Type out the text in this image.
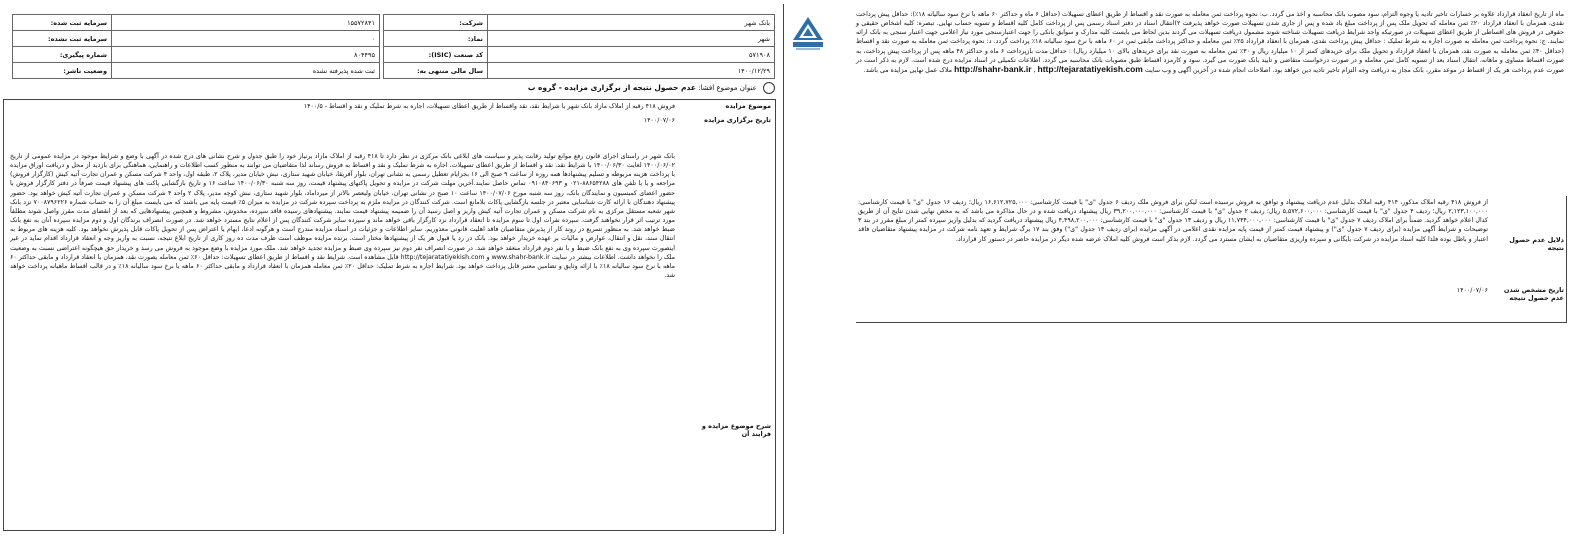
شرکت:	بانک شهر
نماد:	شهر
کد صنعت (ISIC):	۵۷۱۹۰۸
سال مالی منتهی به:	۱۴۰۰/۱۲/۲۹
سرمایه ثبت شده:	۱۵۵۷۲۸۴۱
سرمایه ثبت نشده:	۰
شماره پیگیری:	۸۰۴۴۹۵
وضعیت ناشر:	ثبت شده پذیرفته نشده
عنوان موضوع افشا: عدم حصول نتیجه از برگزاری مزایده - گروه ب
موضوع مزایده
فروش ۴۱۸ رقبه از املاک مازاد بانک شهر با شرایط نقد، نقد واقساط از طریق اعطای تسهیلات، اجاره به شرط تملیک و نقد و اقساط - ۱۴۰۰/۵
تاریخ برگزاری مزایده
۱۴۰۰/۰۷/۰۶
شرح موضوع مزایده و فرایند آن
بانک شهر در راستای اجرای قانون رفع موانع تولید رقابت پذیر و سیاست های ابلاغی بانک مرکزی در نظر دارد تا ۴۱۸ رقبه از املاک مازاد برنیاز خود را طبق جدول و شرح نشانی های درج شده در آگهی با وضع و شرایط موجود در مزایده عمومی از تاریخ ۱۴۰۰/۰۶/۰۲ لغایت ۱۴۰۰/۰۶/۳۰ با شرایط نقد، نقد و اقساط از طریق اعطای تسهیلات، اجاره به شرط تملیک و نقد و اقساط به فروش رساند لذا متقاضیان می توانند به منظور کسب اطلاعات و راهنمایی، هماهنگی برای بازدید از محل و دریافت اوراق مزایده با پرداخت هزینه مربوطه و تسلیم پیشنهادها همه روزه از ساعت ۹ صبح الی ۱۶ بجزایام تعطیل رسمی به نشانی تهران، بلوار آفریقا، خیابان شهید ستاری، نبش خیابان مدیر، پلاک ۲، طبقه اول، واحد ۴ شرکت مسکن و عمران تجارت آتیه کیش (کارگزار فروش) مراجعه و یا با تلفن های ۸۸۶۵۴۲۸۸-۰۲۱ و ۰۹۱۰۸۴۰۶۹۳ تماس حاصل نمایند.آخرین مهلت شرکت در مزایده و تحویل پاکتهای پیشنهاد قیمت، روز سه شنبه ۱۴۰۰/۰۶/۳۰ ساعت ۱۶ و تاریخ بازگشایی پاکت های پیشنهاد قیمت صرفاً در دفتر کارگزار فروش با حضور اعضای کمیسیون و نمایندگان بانک، روز سه شنبه مورخ ۱۴۰۰/۰۷/۰۶ ساعت ۱۰ صبح در نشانی تهران، خیابان ولیعصر بالاتر از میرداماد، بلوار شهید ستاری، نبش کوچه مدیر، پلاک ۲ واحد ۴ شرکت مسکن و عمران تجارت آتیه کیش خواهد بود. حضور پیشنهاد دهندگان با ارائه کارت شناسایی معتبر در جلسه بازگشایی پاکات بلامانع است. شرکت کنندگان در مزایده ملزم به پرداخت سپرده شرکت در مزایده به میزان ۵٪ قیمت پایه می باشند که می بایست مبلغ آن را به حساب شماره ۷۰۰۸۷۹۶۲۲۶ نزد بانک شهر شعبه مستقل مرکزی به نام شرکت مسکن و عمران تجارت آتیه کیش واریز و اصل رسید آن را ضمیمه پیشنهاد قیمت نمایند. پیشنهادهای رسیده فاقد سپرده، مخدوش، مشروط و همچنین پیشنهادهایی که بعد از انقضای مدت مقرر واصل شوند مطلقاً مورد ترتیب اثر قرار نخواهند گرفت. سپرده نفرات اول تا سوم مزایده تا انعقاد قرارداد نزد کارگزار باقی خواهد ماند و سپرده سایر شرکت کنندگان پس از اعلام نتایج مسترد خواهد شد. در صورت انصراف برندگان اول و دوم مزایده سپرده آنان به نفع بانک ضبط خواهد شد. به منظور تسریع در روند کار از پذیرش متقاضیان فاقد اهلیت قانونی معذوریم. سایر اطلاعات و جزئیات در اسناد مزایده مندرج است و هرگونه ادعا، ابهام یا اعتراض پس از تحویل پاکات قابل پذیرش نخواهد بود. کلیه هزینه های مربوط به انتقال سند، نقل و انتقال، عوارض و مالیات بر عهده خریدار خواهد بود. بانک در رد یا قبول هر یک از پیشنهادها مختار است. برنده مزایده موظف است ظرف مدت ده روز کاری از تاریخ ابلاغ نتیجه، نسبت به واریز وجه و انعقاد قرارداد اقدام نماید در غیر اینصورت سپرده وی به نفع بانک ضبط و با نفر دوم قرارداد منعقد خواهد شد. در صورت انصراف نفر دوم نیز سپرده وی ضبط و مزایده تجدید خواهد شد. ملک مورد مزایده با وضع موجود به فروش می رسد و خریدار حق هیچگونه اعتراضی نسبت به وضعیت ملک را نخواهد داشت. اطلاعات بیشتر در سایت www.shahr-bank.ir و http://tejaratatiyekish.com قابل مشاهده است. شرایط نقد و اقساط از طریق اعطای تسهیلات: حداقل ۶۰٪ ثمن معامله بصورت نقد، همزمان با انعقاد قرارداد و مابقی حداکثر ۶۰ ماهه با نرخ سود سالیانه ۱۸٪ با ارائه وثایق و تضامین معتبر قابل پرداخت خواهد بود. شرایط اجاره به شرط تملیک: حداقل ۲۰٪ ثمن معامله همزمان با انعقاد قرارداد و مابقی حداکثر ۶۰ ماهه با نرخ سود سالیانه ۱۸٪ و در قالب اقساط ماهیانه پرداخت خواهد شد.
ماه از تاریخ انعقاد قرارداد علاوه بر خسارات تاخیر تادیه یا وجوه التزام، سود مصوب بانک محاسبه و اخذ می گردد. ب: نحوه پرداخت ثمن معامله به صورت نقد و اقساط از طریق اعطای تسهیلات (حداقل ۶ ماه و حداکثر ۶۰ ماهه با نرخ سود سالیانه ۱۸٪): حداقل پیش پرداخت نقدی، همزمان با انعقاد قرارداد ۲۰٪ ثمن معامله که تحویل ملک پس از پرداخت مبلغ یاد شده و پس از جاری شدن تسهیلات صورت خواهد پذیرفت ۲)انتقال اسناد در دفتر اسناد رسمی پس از پرداخت کامل کلیه اقساط و تسویه حساب نهایی. تبصره: کلیه اشخاص حقیقی و حقوقی در فروش های اقساطی از طریق اعطای تسهیلات در صورتیکه واجد شرایط دریافت تسهیلات شناخته شوند مشمول دریافت تسهیلات می گردند بدین لحاظ می بایست کلیه مدارک و سوابق بانکی را جهت اعتبارسنجی مورد نیاز اعلامی جهت اعتبار سنجی به بانک ارائه نمایند. ج: نحوه پرداخت ثمن معامله به صورت اجاره به شرط تملیک : حداقل پیش پرداخت نقدی، همزمان با انعقاد قرارداد ۲۵٪ ثمن معامله و حداکثر پرداخت مابقی ثمن در ۶۰ ماهه با نرخ سود سالیانه ۱۸٪ پرداخت گردد. د: نحوه پرداخت ثمن معامله به صورت نقد و اقساط (حداقل ۴۰٪ ثمن معامله به صورت نقد، همزمان با انعقاد قرارداد و تحویل ملک برای خریدهای کمتر از ۱۰ میلیارد ریال و ۳۰٪ ثمن معامله به صورت نقد برای خریدهای بالای ۱۰ میلیارد ریال) : حداقل مدت بازپرداخت ۶ ماه و حداکثر ۴۸ ماهه پس از پرداخت پیش پرداخت، به صورت اقساط مساوی و ماهانه، انتقال اسناد بعد از تسویه کامل ثمن معامله و در صورت درخواست متقاضی و تایید بانک صورت می گیرد. سود و کارمزد اقساط طبق مصوبات بانک محاسبه می گردد. اطلاعات تکمیلی در اسناد مزایده درج شده است. لازم به ذکر است در صورت عدم پرداخت هر یک از اقساط در موعد مقرر، بانک مجاز به دریافت وجه التزام تاخیر تادیه دین خواهد بود. اصلاحات انجام شده در آخرین آگهی و وب سایت http://shahr-bank.ir , http://tejaratatiyekish.com ملاک عمل نهایی مزایده می باشد.
دلایل عدم حصول نتیجه
از فروش ۴۱۸ رقبه املاک مذکور، ۴۱۴ رقبه املاک بدلیل عدم دریافت پیشنهاد و توافق به فروش نرسیده است لیکن برای فروش ملک ردیف ۶ جدول "ی" با قیمت کارشناسی: ۱۶,۶۱۲,۷۲۵,۰۰۰ ریال؛ ردیف ۱۶ جدول "ی" با قیمت کارشناسی: ۲,۱۲۳,۱۰۰,۰۰۰ ریال؛ ردیف ۴ جدول "ی" با قیمت کارشناسی: ۵,۵۷۲,۶۰۰,۰۰۰ ریال؛ ردیف ۲ جدول "ی" با قیمت کارشناسی: ۳۹,۲۰۰,۰۰۰,۰۰۰ ریال پیشنهاد دریافت شده و در حال مذاکره می باشد که به محض نهایی شدن نتایج آن از طریق کدال اعلام خواهد گردید. ضمناً برای املاک ردیف ۷ جدول "ی" با قیمت کارشناسی: ۱۱,۷۳۴,۰۰۰,۰۰۰ ریال و ردیف ۱۳ جدول "ی" با قیمت کارشناسی: ۴,۴۹۸,۲۰۰,۰۰۰ ریال پیشنهاد دریافت گردید که بدلیل واریز سپرده کمتر از مبلغ مقرر در بند ۳ توضیحات و شرایط آگهی مزایده (برای ردیف ۷ جدول "ی") و پیشنهاد قیمت کمتر از قیمت پایه مزایده نقدی اعلامی در آگهی مزایده (برای ردیف ۱۳ جدول "ی") وفق بند ۱۷ برگ شرایط و تعهد نامه شرکت در مزایده پیشنهاد متقاضیان فاقد اعتبار و باطل بوده فلذا کلیه اسناد مزایده در شرکت بایگانی و سپرده واریزی متقاضیان به ایشان مسترد می گردد. لازم بذکر است فروش کلیه املاک عرضه شده دیگر در مزایده حاضر در دستور کار قرارداد.
تاریخ مشخص شدن عدم حصول نتیجه
۱۴۰۰/۰۷/۰۶
